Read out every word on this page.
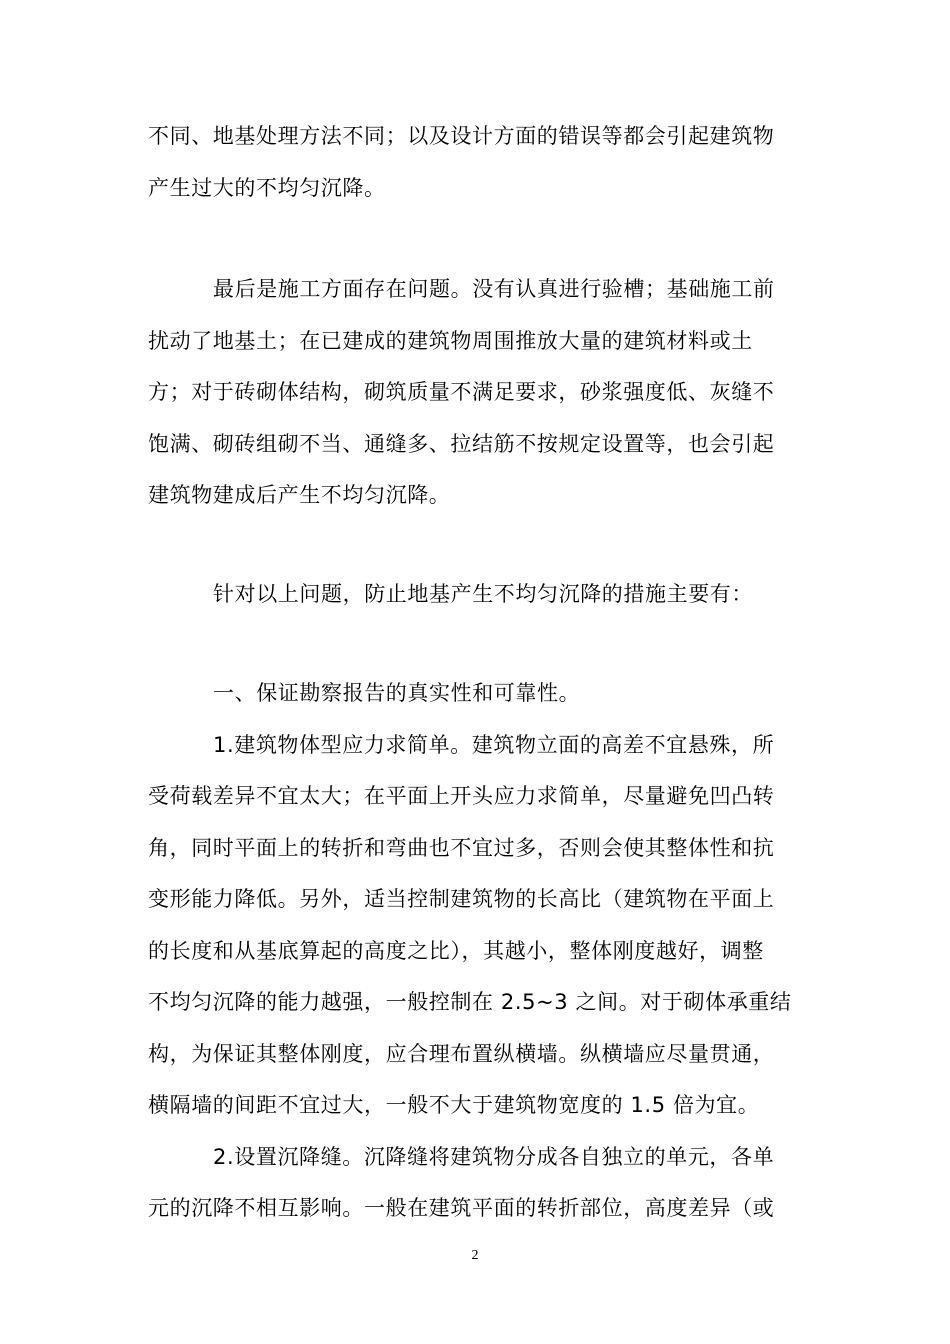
不同、地基处理方法不同；以及设计方面的错误等都会引起建筑物
产生过大的不均匀沉降。
最后是施工方面存在问题。没有认真进行验槽；基础施工前
扰动了地基土；在已建成的建筑物周围推放大量的建筑材料或土
方；对于砖砌体结构，砌筑质量不满足要求，砂浆强度低、灰缝不
饱满、砌砖组砌不当、通缝多、拉结筋不按规定设置等，也会引起
建筑物建成后产生不均匀沉降。
针对以上问题，防止地基产生不均匀沉降的措施主要有：
一、保证勘察报告的真实性和可靠性。
1.建筑物体型应力求简单。建筑物立面的高差不宜悬殊，所
受荷载差异不宜太大；在平面上开头应力求简单，尽量避免凹凸转
角，同时平面上的转折和弯曲也不宜过多，否则会使其整体性和抗
变形能力降低。另外，适当控制建筑物的长高比（建筑物在平面上
的长度和从基底算起的高度之比），其越小，整体刚度越好，调整
不均匀沉降的能力越强，一般控制在 2.5~3 之间。对于砌体承重结
构，为保证其整体刚度，应合理布置纵横墙。纵横墙应尽量贯通，
横隔墙的间距不宜过大，一般不大于建筑物宽度的 1.5 倍为宜。
2.设置沉降缝。沉降缝将建筑物分成各自独立的单元，各单
元的沉降不相互影响。一般在建筑平面的转折部位，高度差异（或
2
